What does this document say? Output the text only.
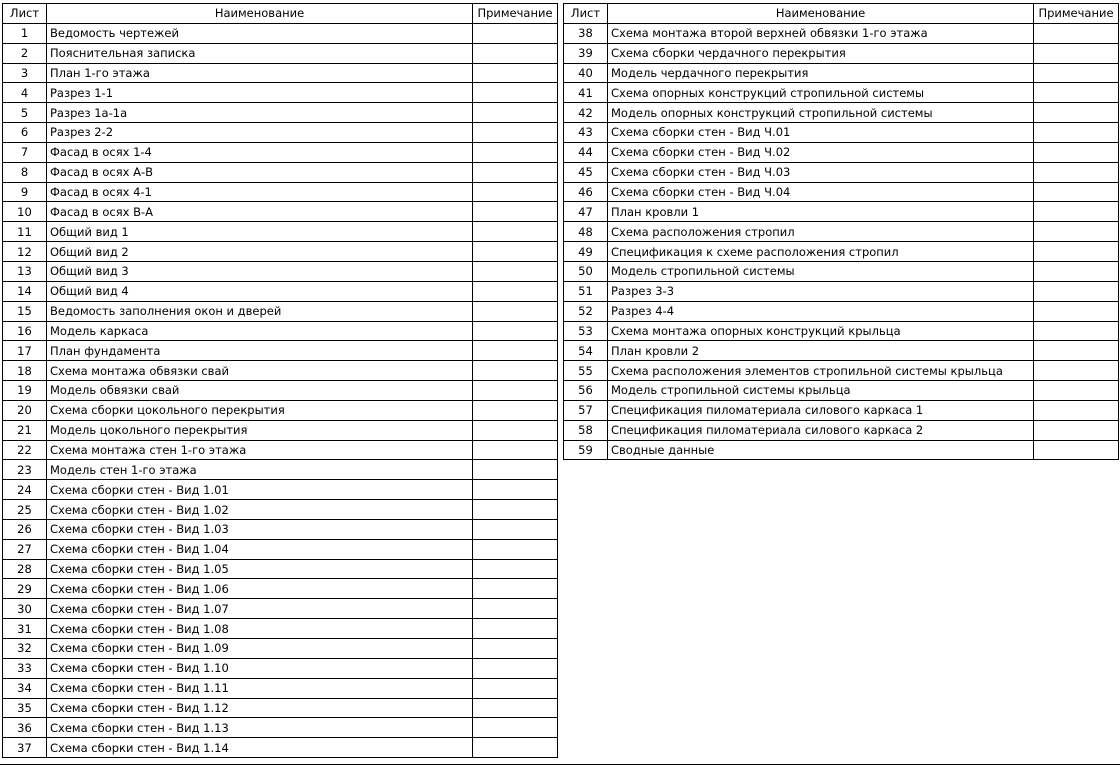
Лист	Наименование	Примечание
1	Ведомость чертежей	
2	Пояснительная записка	
3	План 1-го этажа	
4	Разрез 1-1	
5	Разрез 1а-1а	
6	Разрез 2-2	
7	Фасад в осях 1-4	
8	Фасад в осях А-В	
9	Фасад в осях 4-1	
10	Фасад в осях В-А	
11	Общий вид 1	
12	Общий вид 2	
13	Общий вид 3	
14	Общий вид 4	
15	Ведомость заполнения окон и дверей	
16	Модель каркаса	
17	План фундамента	
18	Схема монтажа обвязки свай	
19	Модель обвязки свай	
20	Схема сборки цокольного перекрытия	
21	Модель цокольного перекрытия	
22	Схема монтажа стен 1-го этажа	
23	Модель стен 1-го этажа	
24	Схема сборки стен - Вид 1.01	
25	Схема сборки стен - Вид 1.02	
26	Схема сборки стен - Вид 1.03	
27	Схема сборки стен - Вид 1.04	
28	Схема сборки стен - Вид 1.05	
29	Схема сборки стен - Вид 1.06	
30	Схема сборки стен - Вид 1.07	
31	Схема сборки стен - Вид 1.08	
32	Схема сборки стен - Вид 1.09	
33	Схема сборки стен - Вид 1.10	
34	Схема сборки стен - Вид 1.11	
35	Схема сборки стен - Вид 1.12	
36	Схема сборки стен - Вид 1.13	
37	Схема сборки стен - Вид 1.14	
Лист	Наименование	Примечание
38	Схема монтажа второй верхней обвязки 1-го этажа	
39	Схема сборки чердачного перекрытия	
40	Модель чердачного перекрытия	
41	Схема опорных конструкций стропильной системы	
42	Модель опорных конструкций стропильной системы	
43	Схема сборки стен - Вид Ч.01	
44	Схема сборки стен - Вид Ч.02	
45	Схема сборки стен - Вид Ч.03	
46	Схема сборки стен - Вид Ч.04	
47	План кровли 1	
48	Схема расположения стропил	
49	Спецификация к схеме расположения стропил	
50	Модель стропильной системы	
51	Разрез 3-3	
52	Разрез 4-4	
53	Схема монтажа опорных конструкций крыльца	
54	План кровли 2	
55	Схема расположения элементов стропильной системы крыльца	
56	Модель стропильной системы крыльца	
57	Спецификация пиломатериала силового каркаса 1	
58	Спецификация пиломатериала силового каркаса 2	
59	Сводные данные	
